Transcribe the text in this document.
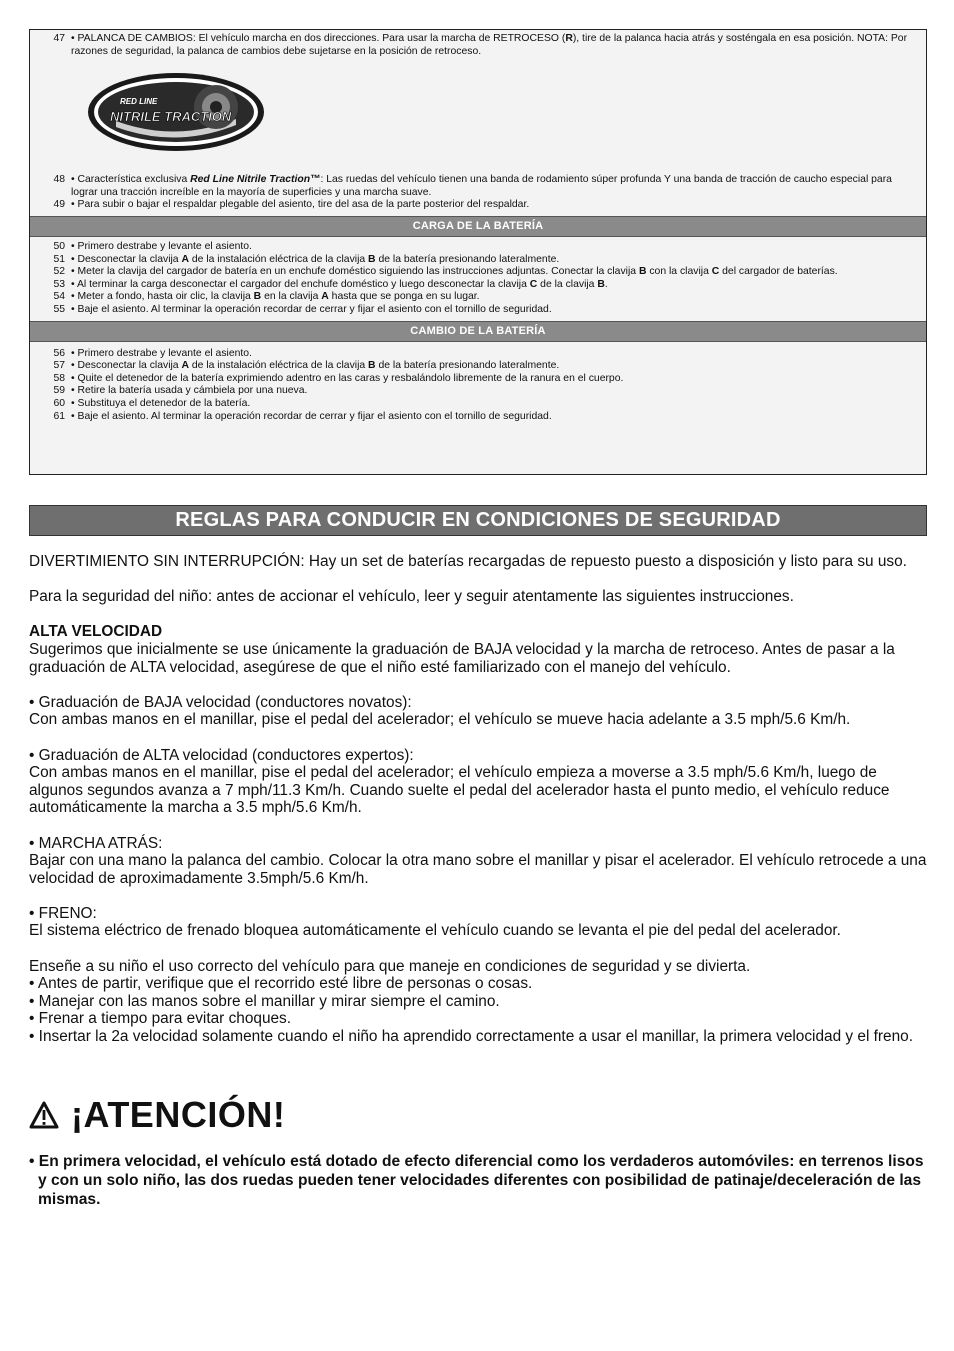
47 • PALANCA DE CAMBIOS: El vehículo marcha en dos direcciones. Para usar la marcha de RETROCESO (R), tire de la palanca hacia atrás y sosténgala en esa posición. NOTA: Por razones de seguridad, la palanca de cambios debe sujetarse en la posición de retroceso.
RED LINE
NITRILE TRACTION
48 • Característica exclusiva Red Line Nitrile Traction™: Las ruedas del vehículo tienen una banda de rodamiento súper profunda Y una banda de tracción de caucho especial para lograr una tracción increíble en la mayoría de superficies y una marcha suave.
49 • Para subir o bajar el respaldar plegable del asiento, tire del asa de la parte posterior del respaldar.
CARGA DE LA BATERÍA
50 • Primero destrabe y levante el asiento.
51 • Desconectar la clavija A de la instalación eléctrica de la clavija B de la batería presionando lateralmente.
52 • Meter la clavija del cargador de batería en un enchufe doméstico siguiendo las instrucciones adjuntas. Conectar la clavija B con la clavija C del cargador de baterías.
53 • Al terminar la carga desconectar el cargador del enchufe doméstico y luego desconectar la clavija C de la clavija B.
54 • Meter a fondo, hasta oir clic, la clavija B en la clavija A hasta que se ponga en su lugar.
55 • Baje el asiento. Al terminar la operación recordar de cerrar y fijar el asiento con el tornillo de seguridad.
CAMBIO DE LA BATERÍA
56 • Primero destrabe y levante el asiento.
57 • Desconectar la clavija A de la instalación eléctrica de la clavija B de la batería presionando lateralmente.
58 • Quite el detenedor de la batería exprimiendo adentro en las caras y resbalándolo libremente de la ranura en el cuerpo.
59 • Retire la batería usada y cámbiela por una nueva.
60 • Substituya el detenedor de la batería.
61 • Baje el asiento. Al terminar la operación recordar de cerrar y fijar el asiento con el tornillo de seguridad.
REGLAS PARA CONDUCIR EN CONDICIONES DE SEGURIDAD

DIVERTIMIENTO SIN INTERRUPCIÓN: Hay un set de baterías recargadas de repuesto puesto a disposición y listo para su uso.

Para la seguridad del niño: antes de accionar el vehículo, leer y seguir atentamente las siguientes instrucciones.

ALTA VELOCIDAD

Sugerimos que inicialmente se use únicamente la graduación de BAJA velocidad y la marcha de retroceso. Antes de pasar a la graduación de ALTA velocidad, asegúrese de que el niño esté familiarizado con el manejo del vehículo.

• Graduación de BAJA velocidad (conductores novatos):

Con ambas manos en el manillar, pise el pedal del acelerador; el vehículo se mueve hacia adelante a 3.5 mph/5.6 Km/h.

• Graduación de ALTA velocidad (conductores expertos):

Con ambas manos en el manillar, pise el pedal del acelerador; el vehículo empieza a moverse a 3.5 mph/5.6 Km/h, luego de algunos segundos avanza a 7 mph/11.3 Km/h. Cuando suelte el pedal del acelerador hasta el punto medio, el vehículo reduce automáticamente la marcha a 3.5 mph/5.6 Km/h.

• MARCHA ATRÁS:

Bajar con una mano la palanca del cambio. Colocar la otra mano sobre el manillar y pisar el acelerador. El vehículo retrocede a una velocidad de aproximadamente 3.5mph/5.6 Km/h.

• FRENO:

El sistema eléctrico de frenado bloquea automáticamente el vehículo cuando se levanta el pie del pedal del acelerador.

Enseñe a su niño el uso correcto del vehículo para que maneje en condiciones de seguridad y se divierta.
• Antes de partir, verifique que el recorrido esté libre de personas o cosas.
• Manejar con las manos sobre el manillar y mirar siempre el camino.
• Frenar a tiempo para evitar choques.
• Insertar la 2a velocidad solamente cuando el niño ha aprendido correctamente a usar el manillar, la primera velocidad y el freno.
¡ATENCIÓN!
• En primera velocidad, el vehículo está dotado de efecto diferencial como los verdaderos automóviles: en terrenos lisos y con un solo niño, las dos ruedas pueden tener velocidades diferentes con posibilidad de patinaje/deceleración de las mismas.
